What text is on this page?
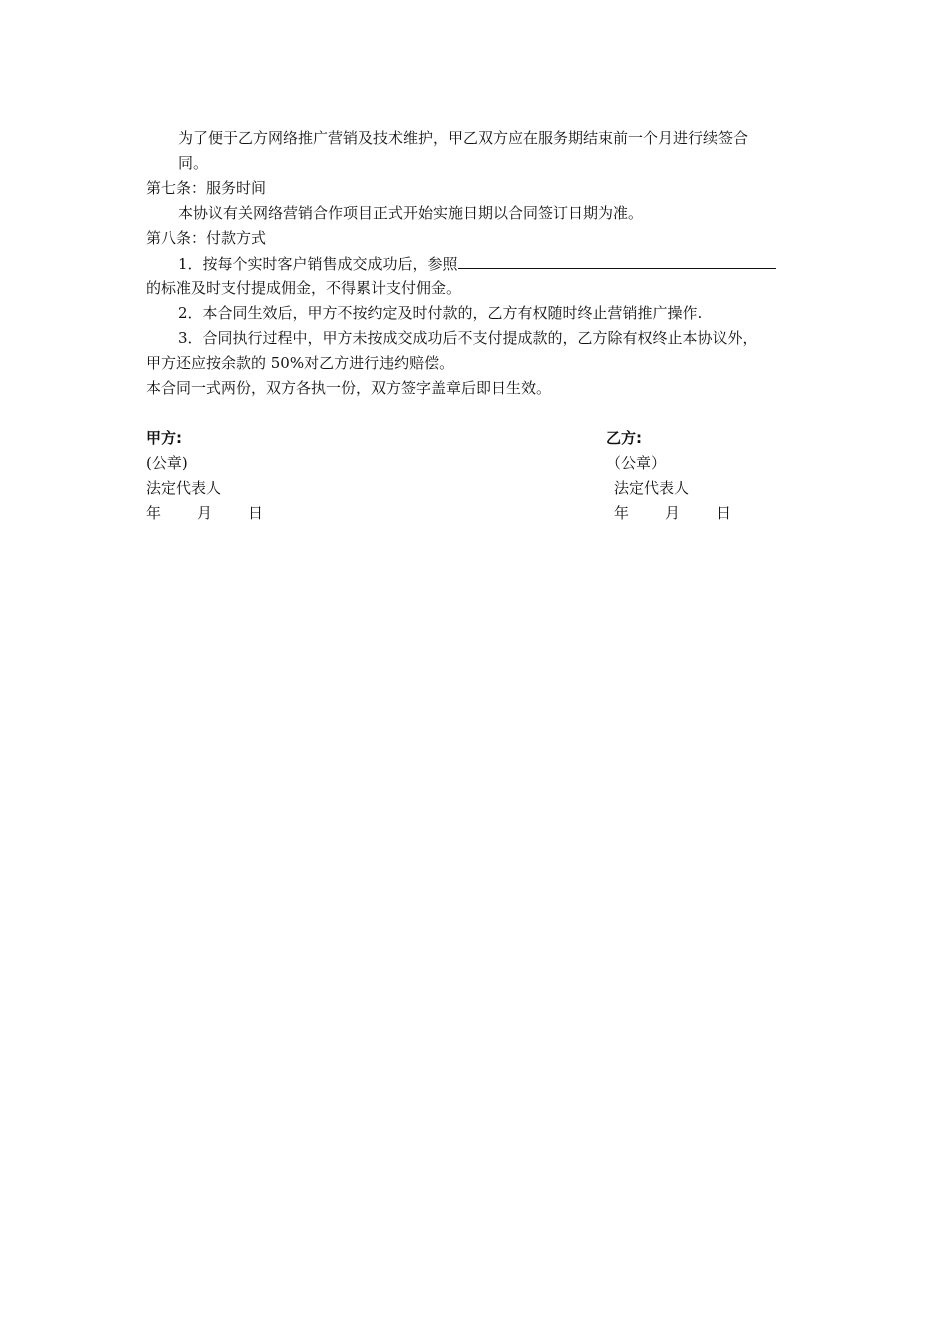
为了便于乙方网络推广营销及技术维护，甲乙双方应在服务期结束前一个月进行续签合
同。
第七条：服务时间
本协议有关网络营销合作项目正式开始实施日期以合同签订日期为准。
第八条：付款方式
1．按每个实时客户销售成交成功后，参照
的标准及时支付提成佣金，不得累计支付佣金。
2．本合同生效后，甲方不按约定及时付款的，乙方有权随时终止营销推广操作.
3．合同执行过程中，甲方未按成交成功后不支付提成款的，乙方除有权终止本协议外，
甲方还应按余款的 50%对乙方进行违约赔偿。
本合同一式两份，双方各执一份，双方签字盖章后即日生效。
甲方:
(公章)
法定代表人
年 月 日
乙方:
（公章）
法定代表人
年 月 日
